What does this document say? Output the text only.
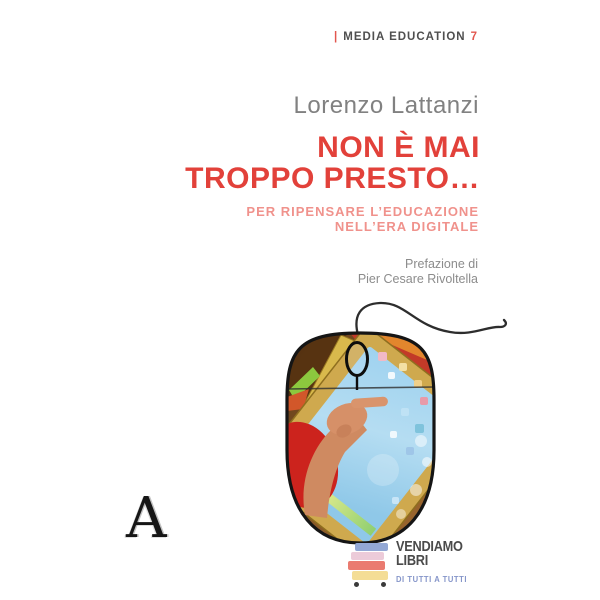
| MEDIA EDUCATION 7
Lorenzo Lattanzi
NON È MAI
TROPPO PRESTO…
PER RIPENSARE L’EDUCAZIONE
NELL’ERA DIGITALE
Prefazione di
Pier Cesare Rivoltella
A	VENDIAMO
LIBRI
DI TUTTI A TUTTI
